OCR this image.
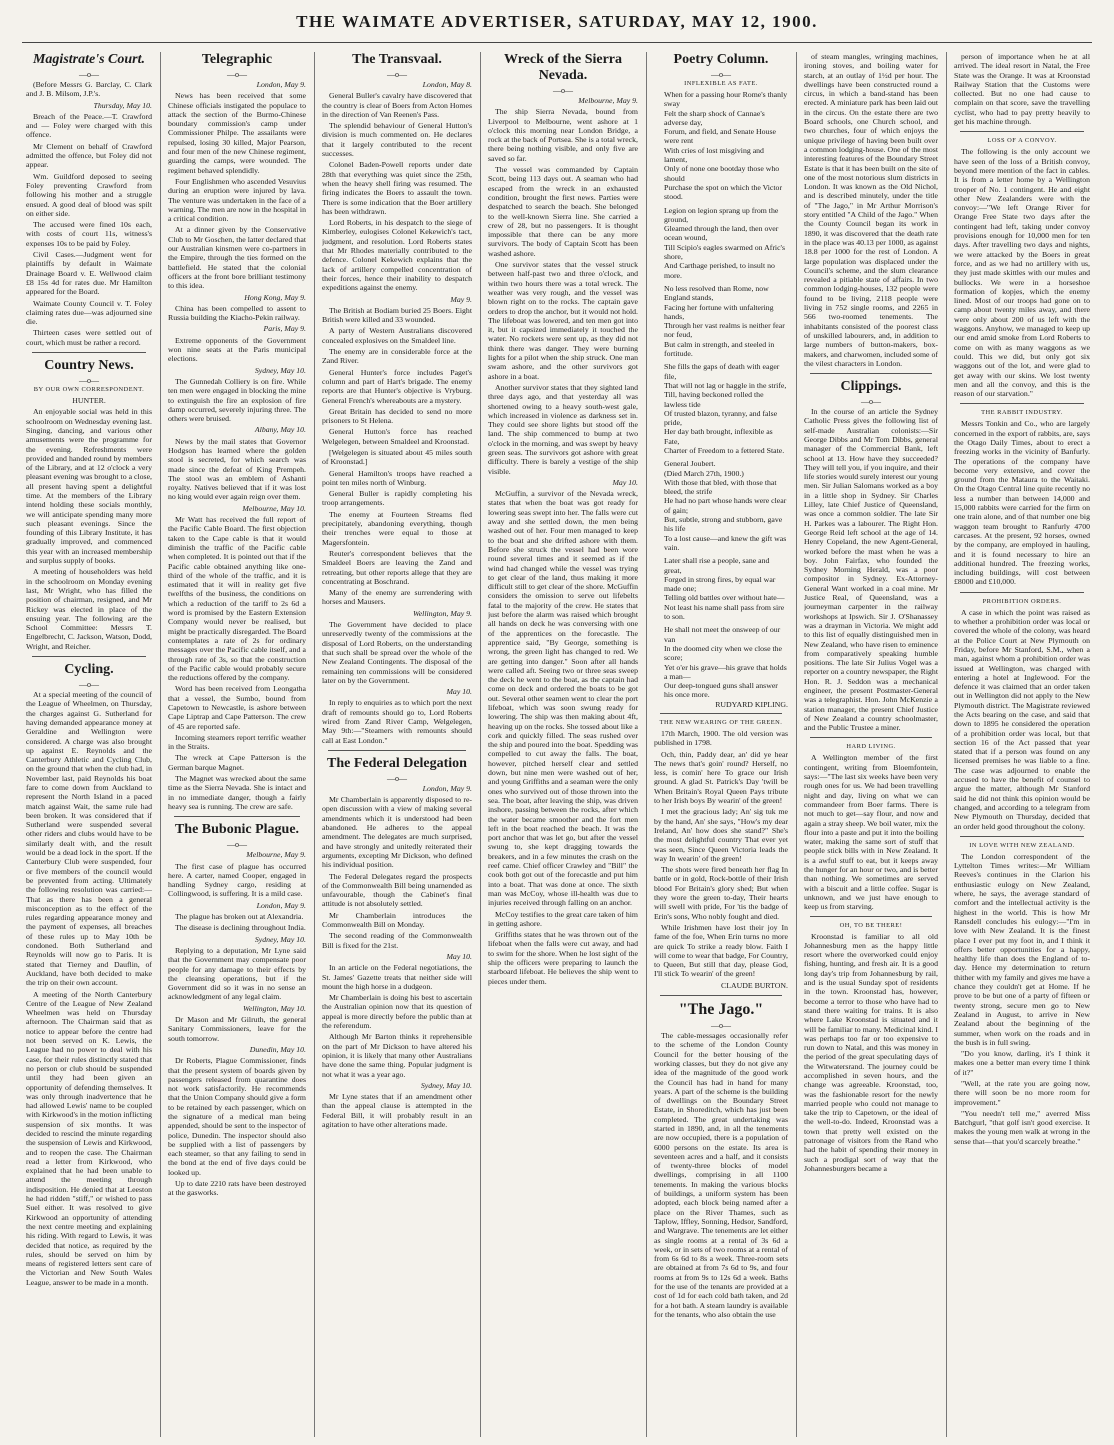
THE WAIMATE ADVERTISER, SATURDAY, MAY 12, 1900.
Magistrate's Court.
—o—

(Before Messrs G. Barclay, C. Clark and J. B. Milsom, J.P.'s.

Thursday, May 10.

Breach of the Peace.—T. Crawford and — Foley were charged with this offence.

Mr Clement on behalf of Crawford admitted the offence, but Foley did not appear.

Wm. Guildford deposed to seeing Foley preventing Crawford from following his mother and a struggle ensued. A good deal of blood was spilt on either side.

The accused were fined 10s each, with costs of court 11s, witness's expenses 10s to be paid by Foley.

Civil Cases.—Judgment went for plaintiffs by default in Waimate Drainage Board v. E. Wellwood claim £8 15s 4d for rates due. Mr Hamilton appeared for the Board.

Waimate County Council v. T. Foley claiming rates due—was adjourned sine die.

Thirteen cases were settled out of court, which must be rather a record.

Country News.
—o—
BY OUR OWN CORRESPONDENT.

HUNTER.

An enjoyable social was held in this schoolroom on Wednesday evening last. Singing, dancing, and various other amusements were the programme for the evening. Refreshments were provided and handed round by members of the Library, and at 12 o'clock a very pleasant evening was brought to a close, all present having spent a delightful time. At the members of the Library intend holding these socials monthly, we will anticipate spending many more such pleasant evenings. Since the founding of this Library Institute, it has gradually improved, and commenced this year with an increased membership and surplus supply of books.

A meeting of householders was held in the schoolroom on Monday evening last, Mr Wright, who has filled the position of chairman, resigned, and Mr Rickey was elected in place of the ensuing year. The following are the School Committee: Messrs T. Engelbrecht, C. Jackson, Watson, Dodd, Wright, and Reicher.

Cycling.
—o—

At a special meeting of the council of the League of Wheelmen, on Thursday, the charges against G. Sutherland for having demanded appearance money at Geraldine and Wellington were considered. A charge was also brought up against E. Reynolds and the Canterbury Athletic and Cycling Club, on the ground that when the club had, in November last, paid Reynolds his boat fare to come down from Auckland to represent the North Island in a paced match against Wait, the same rule had been broken. It was considered that if Sutherland were suspended several other riders and clubs would have to be similarly dealt with, and the result would be a dead lock in the sport. If the Canterbury Club were suspended, four or five members of the council would be prevented from acting. Ultimately the following resolution was carried:— That as there has been a general misconception as to the effect of the rules regarding appearance money and the payment of expenses, all breaches of these rules up to May 10th be condoned. Both Sutherland and Reynolds will now go to Paris. It is stated that Tierney and Dauflin, of Auckland, have both decided to make the trip on their own account.

A meeting of the North Canterbury Centre of the League of New Zealand Wheelmen was held on Thursday afternoon. The Chairman said that as notice to appear before the centre had not been served on K. Lewis, the League had no power to deal with his case, for their rules distinctly stated that no person or club should be suspended until they had been given an opportunity of defending themselves. It was only through inadvertence that he had allowed Lewis' name to be coupled with Kirkwood's in the motion inflicting suspension of six months. It was decided to rescind the minute regarding the suspension of Lewis and Kirkwood, and to reopen the case. The Chairman read a letter from Kirkwood, who explained that he had been unable to attend the meeting through indisposition. He denied that at Leeston he had ridden "stiff," or wished to pass Suel either. It was resolved to give Kirkwood an opportunity of attending the next centre meeting and explaining his riding. With regard to Lewis, it was decided that notice, as required by the rules, should be served on him by means of registered letters sent care of the Victorian and New South Wales League, answer to be made in a month.

Telegraphic
—o—

London, May 9.

News has been received that some Chinese officials instigated the populace to attack the section of the Burmo-Chinese boundary commission's camp under Commissioner Philpe. The assailants were repulsed, losing 30 killed, Major Pearson, and four men of the new Chinese regiment, guarding the camps, were wounded. The regiment behaved splendidly.

Four Englishmen who ascended Vesuvius during an eruption were injured by lava. The venture was undertaken in the face of a warning. The men are now in the hospital in a critical condition.

At a dinner given by the Conservative Club to Mr Goschen, the latter declared that our Australian kinsmen were co-partners in the Empire, through the ties formed on the battlefield. He stated that the colonial officers at the front bore brilliant testimony to this idea.

Hong Kong, May 9.

China has been compelled to assent to Russia building the Kiacho-Pekin railway.

Paris, May 9.

Extreme opponents of the Government won nine seats at the Paris municipal elections.

Sydney, May 10.

The Gunnedah Colliery is on fire. While ten men were engaged in blocking the mine to extinguish the fire an explosion of fire damp occurred, severely injuring three. The others were bruised.

Albany, May 10.

News by the mail states that Governor Hodgson has learned where the golden stool is secreted, for which search was made since the defeat of King Prempeh. The stool was an emblem of Ashanti royalty. Natives believed that if it was lost no king would ever again reign over them.

Melbourne, May 10.

Mr Watt has received the full report of the Pacific Cable Board. The first objection taken to the Cape cable is that it would diminish the traffic of the Pacific cable when completed. It is pointed out that if the Pacific cable obtained anything like one-third of the whole of the traffic, and it is estimated that it will in reality get five twelfths of the business, the conditions on which a reduction of the tariff to 2s 6d a word is promised by the Eastern Extension Company would never be realised, but might be practically disregarded. The Board contemplates a rate of 2s for ordinary messages over the Pacific cable itself, and a through rate of 3s, so that the construction of the Pacific cable would probably secure the reductions offered by the company.

Word has been received from Leongatha that a vessel, the Sumbo, bound from Capetown to Newcastle, is ashore between Cape Liptrap and Cape Patterson. The crew of 45 are reported safe.

Incoming steamers report terrific weather in the Straits.

The wreck at Cape Patterson is the German barque Magnet.

The Magnet was wrecked about the same time as the Sierra Nevada. She is intact and in no immediate danger, though a fairly heavy sea is running. The crew are safe.

The Bubonic Plague.
—o—

Melbourne, May 9.

The first case of plague has occurred here. A carter, named Cooper, engaged in handling Sydney cargo, residing at Collingwood, is suffering. It is a mild case.

London, May 9.

The plague has broken out at Alexandria.

The disease is declining throughout India.

Sydney, May 10.

Replying to a deputation, Mr Lyne said that the Government may compensate poor people for any damage to their effects by the cleansing operations, but if the Government did so it was in no sense an acknowledgment of any legal claim.

Wellington, May 10.

Dr Mason and Mr Gilruth, the general Sanitary Commissioners, leave for the south tomorrow.

Dunedin, May 10.

Dr Roberts, Plague Commissioner, finds that the present system of boards given by passengers released from quarantine does not work satisfactorily. He recommends that the Union Company should give a form to be retained by each passenger, which on the signature of a medical man being appended, should be sent to the inspector of police, Dunedin. The inspector should also be supplied with a list of passengers by each steamer, so that any failing to send in the bond at the end of five days could be looked up.

Up to date 2210 rats have been destroyed at the gasworks.

The Transvaal.
—o—

London, May 8.

General Buller's cavalry have discovered that the country is clear of Boers from Acton Homes in the direction of Van Reenen's Pass.

The splendid behaviour of General Hutton's division is much commented on. He declares that it largely contributed to the recent successes.

Colonel Baden-Powell reports under date 28th that everything was quiet since the 25th, when the heavy shell firing was resumed. The firing indicates the Boers to assault the town. There is some indication that the Boer artillery has been withdrawn.

Lord Roberts, in his despatch to the siege of Kimberley, eulogises Colonel Kekewich's tact, judgment, and resolution. Lord Roberts states that Mr Rhodes materially contributed to the defence. Colonel Kekewich explains that the lack of artillery compelled concentration of their forces, hence their inability to despatch expeditions against the enemy.

May 9.

The British at Bodiam buried 25 Boers. Eight British were killed and 33 wounded.

A party of Western Australians discovered concealed explosives on the Smaldeel line.

The enemy are in considerable force at the Zand River.

General Hunter's force includes Paget's column and part of Hart's brigade. The enemy reports are that Hunter's objective is Vryburg. General French's whereabouts are a mystery.

Great Britain has decided to send no more prisoners to St Helena.

General Hutton's force has reached Welgelegen, between Smaldeel and Kroonstad.

[Welgelegen is situated about 45 miles south of Kroonstad.]

General Hamilton's troops have reached a point ten miles north of Winburg.

General Buller is rapidly completing his troop arrangements.

The enemy at Fourteen Streams fled precipitately, abandoning everything, though their trenches were equal to those at Magersfontein.

Reuter's correspondent believes that the Smaldeel Boers are leaving the Zand and retreating, but other reports allege that they are concentrating at Boschrand.

Many of the enemy are surrendering with horses and Mausers.

Wellington, May 9.

The Government have decided to place unreservedly twenty of the commissions at the disposal of Lord Roberts, on the understanding that such shall be spread over the whole of the New Zealand Contingents. The disposal of the remaining ten commissions will be considered later on by the Government.

May 10.

In reply to enquiries as to which port the next draft of remounts should go to, Lord Roberts wired from Zand River Camp, Welgelegen, May 9th:—"Steamers with remounts should call at East London."

The Federal Delegation
—o—

London, May 9.

Mr Chamberlain is apparently disposed to re-open discussion with a view of making several amendments which it is understood had been abandoned. He adheres to the appeal amendment. The delegates are much surprised, and have strongly and unitedly reiterated their arguments, excepting Mr Dickson, who defined his individual position.

The Federal Delegates regard the prospects of the Commonwealth Bill being unamended as unfavourable, though the Cabinet's final attitude is not absolutely settled.

Mr Chamberlain introduces the Commonwealth Bill on Monday.

The second reading of the Commonwealth Bill is fixed for the 21st.

May 10.

In an article on the Federal negotiations, the St. James' Gazette treats that neither side will mount the high horse in a dudgeon.

Mr Chamberlain is doing his best to ascertain the Australian opinion now that its question of appeal is more directly before the public than at the referendum.

Although Mr Barton thinks it reprehensible on the part of Mr Dickson to have altered his opinion, it is likely that many other Australians have done the same thing. Popular judgment is not what it was a year ago.

Sydney, May 10.

Mr Lyne states that if an amendment other than the appeal clause is attempted in the Federal Bill, it will probably result in an agitation to have other alterations made.

Wreck of the Sierra Nevada.
—o—

Melbourne, May 9.

The ship Sierra Nevada, bound from Liverpool to Melbourne, went ashore at 1 o'clock this morning near London Bridge, a rock at the back of Portsea. She is a total wreck, there being nothing visible, and only five are saved so far.

The vessel was commanded by Captain Scott, being 113 days out. A seaman who had escaped from the wreck in an exhausted condition, brought the first news. Parties were despatched to search the beach. She belonged to the well-known Sierra line. She carried a crew of 28, but no passengers. It is thought impossible that there can be any more survivors. The body of Captain Scott has been washed ashore.

One survivor states that the vessel struck between half-past two and three o'clock, and within two hours there was a total wreck. The weather was very rough, and the vessel was blown right on to the rocks. The captain gave orders to drop the anchor, but it would not hold. The lifeboat was lowered, and ten men got into it, but it capsized immediately it touched the water. No rockets were sent up, as they did not think there was danger. They were burning lights for a pilot when the ship struck. One man swam ashore, and the other survivors got ashore in a boat.

Another survivor states that they sighted land three days ago, and that yesterday all was shortened owing to a heavy south-west gale, which increased in violence as darkness set in. They could see shore lights but stood off the land. The ship commenced to bump at two o'clock in the morning, and was swept by heavy green seas. The survivors got ashore with great difficulty. There is barely a vestige of the ship visible.

May 10.

McGuffin, a survivor of the Nevada wreck, states that when the boat was got ready for lowering seas swept into her. The falls were cut away and she settled down, the men being washed out of her. Four men managed to keep to the boat and she drifted ashore with them. Before she struck the vessel had been wore round several times and it seemed as if the wind had changed while the vessel was trying to get clear of the land, thus making it more difficult still to get clear of the shore. McGuffin considers the omission to serve out lifebelts fatal to the majority of the crew. He states that just before the alarm was raised which brought all hands on deck he was conversing with one of the apprentices on the forecastle. The apprentice said, "By George, something is wrong, the green light has changed to red. We are getting into danger." Soon after all hands were called aft. Seeing two or three seas sweep the deck he went to the boat, as the captain had come on deck and ordered the boats to be got out. Several other seamen went to clear the port lifeboat, which was soon swung ready for lowering. The ship was then making about 4ft, heaving up on the rocks. She tossed about like a cork and quickly filled. The seas rushed over the ship and poured into the boat. Spedding was compelled to cut away the falls. The boat, however, pitched herself clear and settled down, but nine men were washed out of her, and young Griffiths and a seaman were the only ones who survived out of those thrown into the sea. The boat, after leaving the ship, was driven inshore, passing between the rocks, after which the water became smoother and the fort men left in the boat reached the beach. It was the port anchor that was let go, but after the vessel swung to, she kept dragging towards the breakers, and in a few minutes the crash on the reef came. Chief officer Crawley and "Bill" the cook both got out of the forecastle and put him into a boat. That was done at once. The sixth man was McCoy, whose ill-health was due to injuries received through falling on an anchor.

McCoy testifies to the great care taken of him in getting ashore.

Griffiths states that he was thrown out of the lifeboat when the falls were cut away, and had to swim for the shore. When he lost sight of the ship the officers were preparing to launch the starboard lifeboat. He believes the ship went to pieces under them.

Poetry Column.
—o—
INFLEXIBLE AS FATE.

When for a passing hour Rome's thanly sway

Felt the sharp shock of Cannae's adverse day,

Forum, and field, and Senate House were rent

With cries of lost misgiving and lament,

Only of none one bootday those who should

Purchase the spot on which the Victor stood.

Legion on legion sprang up from the ground,

Gleamed through the land, then over ocean wound,

Till Scipio's eagles swarmed on Afric's shore,

And Carthage perished, to insult no more.

No less resolved than Rome, now England stands,

Facing her fortune with unfaltering hands,

Through her vast realms is neither fear nor feud,

But calm in strength, and steeled in fortitude.

She fills the gaps of death with eager file,

That will not lag or haggle in the strife,

Till, having beckoned rolled the lawless tide

Of trusted blazon, tyranny, and false pride,

Her day bath brought, inflexible as Fate,

Charter of Freedom to a fettered State.

General Joubert.

(Died March 27th, 1900.)

With those that bled, with those that bleed, the strife

He had no part whose hands were clear of gain;

But, subtle, strong and stubborn, gave his life

To a lost cause—and knew the gift was vain.

Later shall rise a people, sane and great,

Forged in strong fires, by equal war made one;

Telling old battles over without hate—

Not least his name shall pass from sire to son.

He shall not meet the onsweep of our van

In the doomed city when we close the score;

Yet o'er his grave—his grave that holds a man—

Our deep-tongued guns shall answer his once more.

RUDYARD KIPLING.

THE NEW WEARING OF THE GREEN.

17th March, 1900. The old version was published in 1798.

Och, thin, Paddy dear, an' did ye hear The news that's goin' round? Herself, no less, is comin' here To grace our Irish ground. A glad St. Patrick's Day 'twill be When Britain's Royal Queen Pays tribute to her Irish boys By wearin' of the green!

I met the gracious lady; An' sig tuk me by the hand, An' she says, "How's my dear Ireland, An' how does she stand?" She's the most delightful country That ever yet was seen, Since Queen Victoria leads the way In wearin' of the green!

The shots were fired beneath her flag In battle or in gold, Rock-bottle of their Irish blood For Britain's glory shed; But when they wore the green to-day, Their hearts will swell with pride, For 'tis the badge of Erin's sons, Who nobly fought and died.

While Irishmen have lost their joy In fame of the foe, When Erin turns no more are quick To strike a ready blow. Faith I will come to wear that badge, For Country, to Queen, But still that day, please God, I'll stick To wearin' of the green!

CLAUDE BURTON.

"The Jago."
—o—

The cable-messages occasionally refer to the scheme of the London County Council for the better housing of the working classes, but they do not give any idea of the magnitude of the good work the Council has had in hand for many years. A part of the scheme is the building of dwellings on the Boundary Street Estate, in Shoreditch, which has just been completed. The great undertaking was started in 1890, and, in all the tenements are now occupied, there is a population of 6000 persons on the estate. Its area is seventeen acres and a half, and it consists of twenty-three blocks of model dwellings, comprising in all 1100 tenements. In making the various blocks of buildings, a uniform system has been adopted, each block being named after a place on the River Thames, such as Taplow, Iffley, Sonning, Hedsor, Sandford, and Wargrave. The tenements are let either as single rooms at a rental of 3s 6d a week, or in sets of two rooms at a rental of from 6s 6d to 8s a week. Three-room sets are obtained at from 7s 6d to 9s, and four rooms at from 9s to 12s 6d a week. Baths for the use of the tenants are provided at a cost of 1d for each cold bath taken, and 2d for a hot bath. A steam laundry is available for the tenants, who also obtain the use

of steam mangles, wringing machines, ironing stoves, and boiling water for starch, at an outlay of 1½d per hour. The dwellings have been constructed round a circus, in which a band-stand has been erected. A miniature park has been laid out in the circus. On the estate there are two Board schools, one Church school, and two churches, four of which enjoys the unique privilege of having been built over a common lodging-house. One of the most interesting features of the Boundary Street Estate is that it has been built on the site of one of the most notorious slum districts in London. It was known as the Old Nichol, and is described minutely, under the title of "The Jago," in Mr Arthur Morrison's story entitled "A Child of the Jago." When the County Council began its work in 1890, it was discovered that the death rate in the place was 40.13 per 1000, as against 18.8 per 1000 for the rest of London. A large population was displaced under the Council's scheme, and the slum clearance revealed a pitiable state of affairs. In two common lodging-houses, 132 people were found to be living, 2118 people were living in 752 single rooms, and 2265 in 566 two-roomed tenements. The inhabitants consisted of the poorest class of unskilled labourers, and, in addition to large numbers of button-makers, box-makers, and charwomen, included some of the vilest characters in London.

Clippings.
—o—

In the course of an article the Sydney Catholic Press gives the following list of self-made Australian colonists:—Sir George Dibbs and Mr Tom Dibbs, general manager of the Commercial Bank, left school at 13. How have they succeeded? They will tell you, if you inquire, and their life stories would surely interest our young men. Sir Julian Salomans worked as a boy in a little shop in Sydney. Sir Charles Lilley, late Chief Justice of Queensland, was once a common soldier. The late Sir H. Parkes was a labourer. The Right Hon. George Reid left school at the age of 14. Henry Copeland, the new Agent-General, worked before the mast when he was a boy. John Fairfax, who founded the Sydney Morning Herald, was a poor compositor in Sydney. Ex-Attorney-General Want worked in a coal mine. Mr Justice Real, of Queensland, was a journeyman carpenter in the railway workshops at Ipswich. Sir J. O'Shanassey was a drayman in Victoria. We might add to this list of equally distinguished men in New Zealand, who have risen to eminence from comparatively speaking humble positions. The late Sir Julius Vogel was a reporter on a country newspaper, the Right Hon. R. J. Seddon was a mechanical engineer, the present Postmaster-General was a telegraphist. Hon. John McKenzie a station manager, the present Chief Justice of New Zealand a country schoolmaster, and the Public Trustee a miner.

HARD LIVING.

A Wellington member of the first contingent, writing from Bloemfontein, says:—"The last six weeks have been very rough ones for us. We had been travelling night and day, living on what we can commandeer from Boer farms. There is not much to get—say flour, and now and again a stray sheep. We boil water, mix the flour into a paste and put it into the boiling water, making the same sort of stuff that people stick bills with in New Zealand. It is a awful stuff to eat, but it keeps away the hunger for an hour or two, and is better than nothing. We sometimes are served with a biscuit and a little coffee. Sugar is unknown, and we just have enough to keep us from starving.

OH, TO BE THERE!

Kroonstad is familiar to all old Johannesburg men as the happy little resort where the overworked could enjoy fishing, hunting, and fresh air. It is a good long day's trip from Johannesburg by rail, and is the usual Sunday spot of residents in the town. Kroonstad has, however, become a terror to those who have had to stand there waiting for trains. It is also where Lake Kroonstad is situated and it will be familiar to many. Medicinal kind. I was perhaps too far or too expensive to run down to Natal, and this was money in the period of the great speculating days of the Witwatersrand. The journey could be accomplished in seven hours, and the change was agreeable. Kroonstad, too, was the fashionable resort for the newly married people who could not manage to take the trip to Capetown, or the ideal of the well-to-do. Indeed, Kroonstad was a town that pretty well existed on the patronage of visitors from the Rand who had the habit of spending their money in such a prodigal sort of way that the Johannesburgers became a

person of importance when he at all arrived. The ideal resort in Natal, the Free State was the Orange. It was at Kroonstad Railway Station that the Customs were collected. But no one had cause to complain on that score, save the travelling cyclist, who had to pay pretty heavily to get his machine through.

LOSS OF A CONVOY.

The following is the only account we have seen of the loss of a British convoy, beyond mere mention of the fact in cables. It is from a letter home by a Wellington trooper of No. 1 contingent. He and eight other New Zealanders were with the convoy:—"We left Orange River for Orange Free State two days after the contingent had left, taking under convoy provisions enough for 10,000 men for ten days. After travelling two days and nights, we were attacked by the Boers in great force, and as we had no artillery with us, they just made skittles with our mules and bullocks. We were in a horseshoe formation of kopjes, which the enemy lined. Most of our troops had gone on to camp about twenty miles away, and there were only about 200 of us left with the waggons. Anyhow, we managed to keep up our end amid smoke from Lord Roberts to come on with as many waggons as we could. This we did, but only got six waggons out of the lot, and were glad to get away with our skins. We lost twenty men and all the convoy, and this is the reason of our starvation."

THE RABBIT INDUSTRY.

Messrs Tonkin and Co., who are largely concerned in the export of rabbits, are, says the Otago Daily Times, about to erect a freezing works in the vicinity of Banfurly. The operations of the company have become very extensive, and cover the ground from the Mataura to the Waitaki. On the Otago Central line quite recently no less a number than between 14,000 and 15,000 rabbits were carried for the firm on one train alone, and of that number one big waggon team brought to Ranfurly 4700 carcases. At the present, 92 horses, owned by the company, are employed in hauling, and it is found necessary to hire an additional hundred. The freezing works, including buildings, will cost between £8000 and £10,000.

PROHIBITION ORDERS.

A case in which the point was raised as to whether a prohibition order was local or covered the whole of the colony, was heard at the Police Court at New Plymouth on Friday, before Mr Stanford, S.M., when a man, against whom a prohibition order was issued at Wellington, was charged with entering a hotel at Inglewood. For the defence it was claimed that an order taken out in Wellington did not apply to the New Plymouth district. The Magistrate reviewed the Acts bearing on the case, and said that down to 1895 he considered the operation of a prohibition order was local, but that section 16 of the Act passed that year stated that if a person was found on any licensed premises he was liable to a fine. The case was adjourned to enable the accused to have the benefit of counsel to argue the matter, although Mr Stanford said he did not think this opinion would be changed, and according to a telegram from New Plymouth on Thursday, decided that an order held good throughout the colony.

IN LOVE WITH NEW ZEALAND.

The London correspondent of the Lyttelton Times writes:—Mr William Reeves's continues in the Clarion his enthusiastic eulogy on New Zealand, where, he says, the average standard of comfort and the intellectual activity is the highest in the world. This is how Mr Ransdell concludes his eulogy:—"I'm in love with New Zealand. It is the finest place I ever put my foot in, and I think it offers better opportunities for a happy, healthy life than does the England of to-day. Hence my determination to return thither with my family and gives me have a chance they couldn't get at Home. If he prove to be but one of a party of fifteen or twenty strong, secure men go to New Zealand in August, to arrive in New Zealand about the beginning of the summer, when work on the roads and in the bush is in full swing.

"Do you know, darling, it's I think it makes one a better man every time I think of it?"

"Well, at the rate you are going now, there will soon be no more room for improvement."

"You needn't tell me," averred Miss Batchgurl, "that golf isn't good exercise. It makes the young men walk at wrong in the sense that—that you'd scarcely breathe."
